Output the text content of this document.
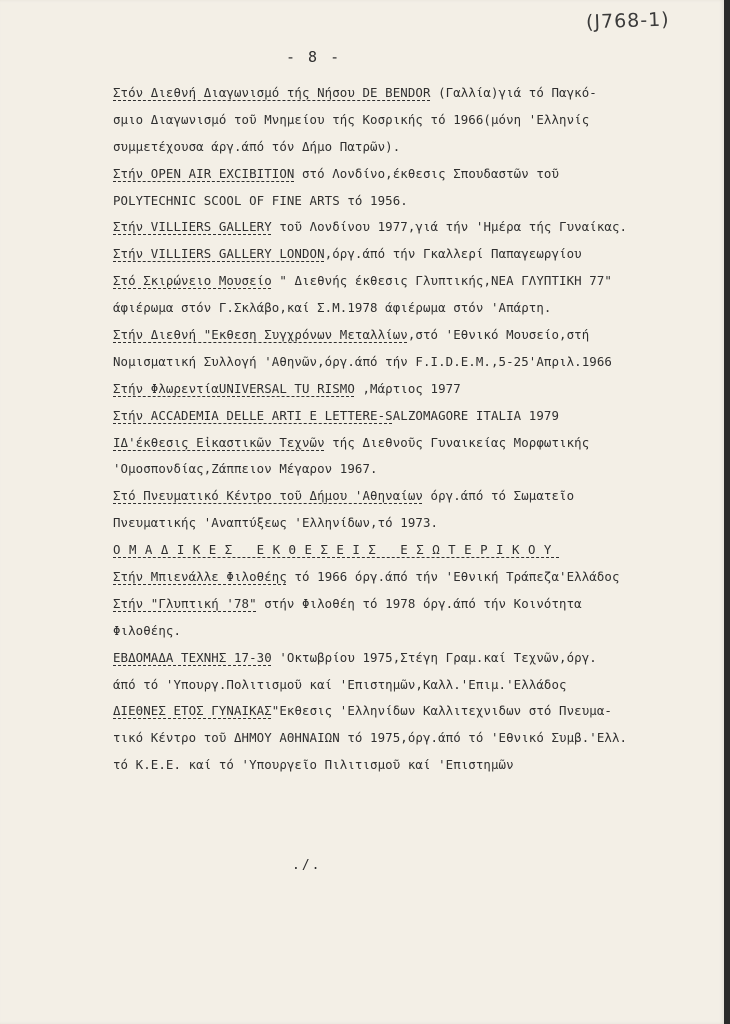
(J768-1)
- 8 -
Στόν Διεθνή Διαγωνισμό τής Νήσου DE BENDOR (Γαλλία)γιά τό Παγκό-
σμιο Διαγωνισμό τοῦ Μνημείου τής Κοσρικής τό 1966(μόνη 'Ελληνίς
συμμετέχουσα άργ.άπό τόν Δήμο Πατρῶν).
Στήν OPEN AIR EXCIBITION στό Λονδίνο,έκθεσις Σπουδαστῶν τοῦ
POLYTECHNIC SCOOL OF FINE ARTS τό 1956.
Στήν VILLIERS GALLERY τοῦ Λονδίνου 1977,γιά τήν 'Ημέρα τής Γυναίκας.
Στήν VILLIERS GALLERY LONDON,όργ.άπό τήν Γκαλλερί Παπαγεωργίου
Στό Σκιρώνειο Μουσείο " Διεθνής έκθεσις Γλυπτικής,ΝΕΑ ΓΛΥΠΤΙΚΗ 77"
άφιέρωμα στόν Γ.Σκλάβο,καί Σ.Μ.1978 άφιέρωμα στόν 'Απάρτη.
Στήν Διεθνή "Εκθεση Συγχρόνων Μεταλλίων,στό 'Εθνικό Μουσείο,στή
Νομισματική Συλλογή 'Αθηνῶν,όργ.άπό τήν F.I.D.E.M.,5-25'Απριλ.1966
Στήν ΦλωρεντίαUNIVERSAL TU RISMO ,Μάρτιος 1977
Στήν ACCADEMIA DELLE ARTI E LETTERE-SALZOMAGORE ITALIA 1979
ΙΔ'έκθεσις Εἰκαστικῶν Τεχνῶν τής Διεθνοῦς Γυναικείας Μορφωτικής
'Ομοσπονδίας,Ζάππειον Μέγαρον 1967.
Στό Πνευματικό Κέντρο τοῦ Δήμου 'Αθηναίων όργ.άπό τό Σωματεῖο
Πνευματικής 'Αναπτύξεως 'Ελληνίδων,τό 1973.
ΟΜΑΔΙΚΕΣ ΕΚΘΕΣΕΙΣ ΕΣΩΤΕΡΙΚΟΥ
Στήν Μπιενάλλε Φιλοθέης τό 1966 όργ.άπό τήν 'Εθνική Τράπεζα'Ελλάδος
Στήν "Γλυπτική '78" στήν Φιλοθέη τό 1978 όργ.άπό τήν Κοινότητα
Φιλοθέης.
ΕΒΔΟΜΑΔΑ ΤΕΧΝΗΣ 17-30 'Οκτωβρίου 1975,Στέγη Γραμ.καί Τεχνῶν,όργ.
άπό τό 'Υπουργ.Πολιτισμοῦ καί 'Επιστημῶν,Καλλ.'Επιμ.'Ελλάδος
ΔΙΕΘΝΕΣ ΕΤΟΣ ΓΥΝΑΙΚΑΣ"Εκθεσις 'Ελληνίδων Καλλιτεχνιδων στό Πνευμα-
τικό Κέντρο τοῦ ΔΗΜΟΥ ΑΘΗΝΑΙΩΝ τό 1975,όργ.άπό τό 'Εθνικό Συμβ.'Ελλ.
τό Κ.Ε.Ε. καί τό 'Υπουργεῖο Πιλιτισμοῦ καί 'Επιστημῶν
./.
